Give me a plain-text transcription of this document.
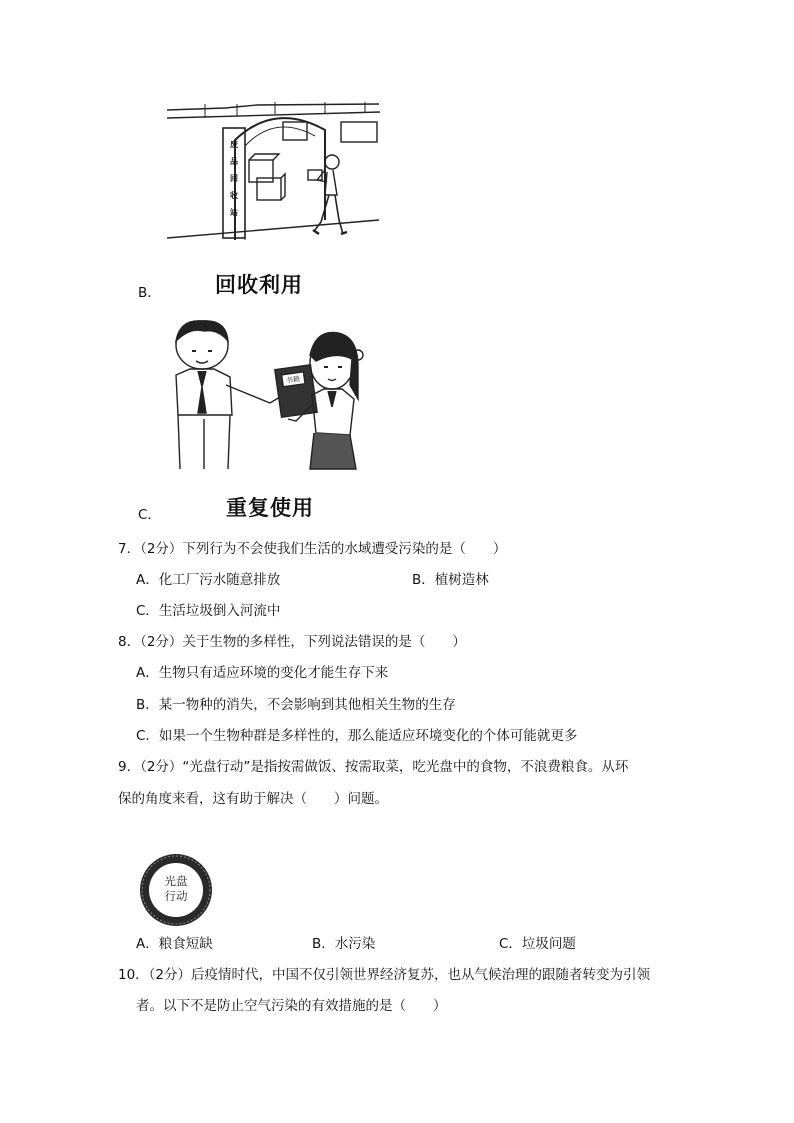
废
品
回
收
站
B．	回收利用
书籍
C．	重复使用
7．（2分）下列行为不会使我们生活的水域遭受污染的是（　　）
A．化工厂污水随意排放	B．植树造林
C．生活垃圾倒入河流中
8．（2分）关于生物的多样性，下列说法错误的是（　　）
A．生物只有适应环境的变化才能生存下来
B．某一物种的消失，不会影响到其他相关生物的生存
C．如果一个生物种群是多样性的，那么能适应环境变化的个体可能就更多
9．（2分）“光盘行动”是指按需做饭、按需取菜，吃光盘中的食物，不浪费粮食。从环
保的角度来看，这有助于解决（　　）问题。
光盘
行动
A．粮食短缺	B．水污染	C．垃圾问题
10．（2分）后疫情时代，中国不仅引领世界经济复苏，也从气候治理的跟随者转变为引领
者。以下不是防止空气污染的有效措施的是（　　）
